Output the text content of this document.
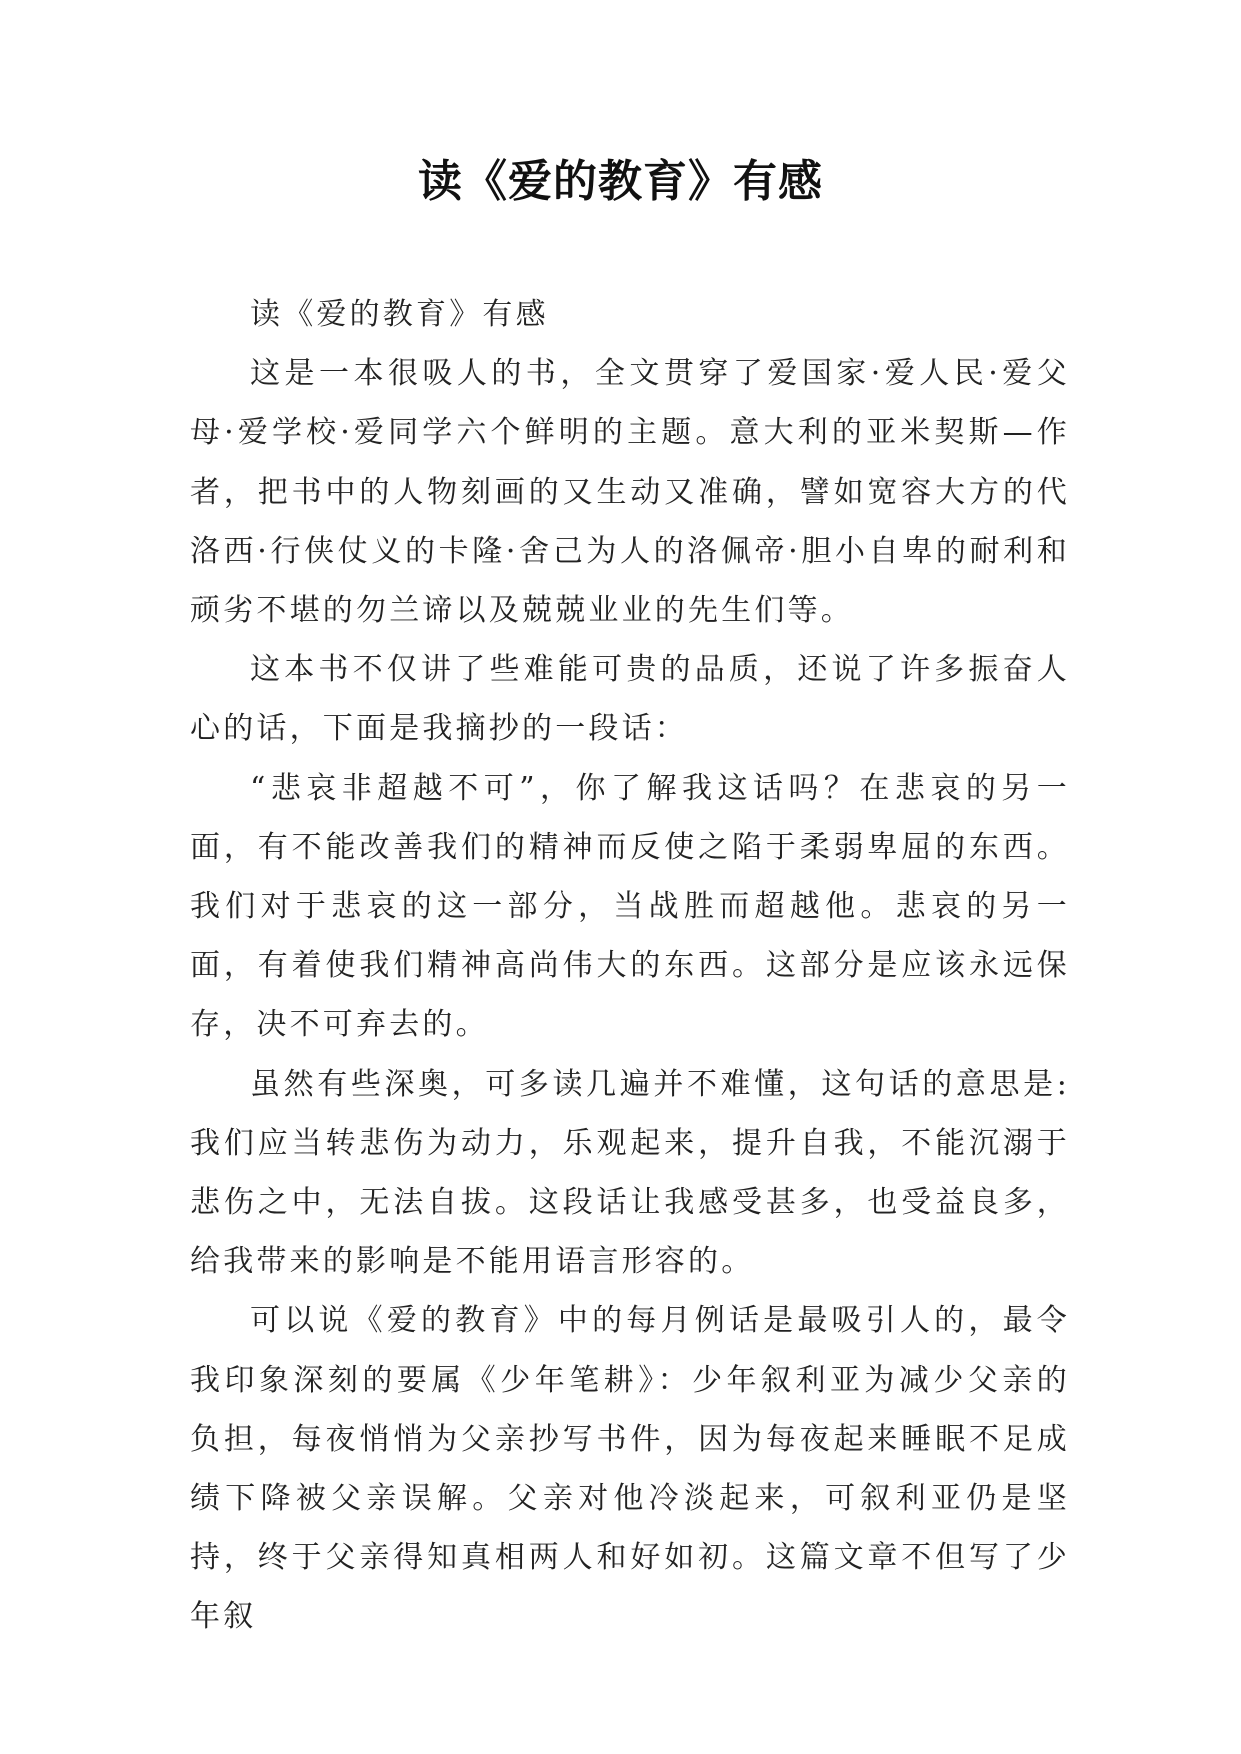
读《爱的教育》有感

读《爱的教育》有感

这是一本很吸人的书，全文贯穿了爱国家·爱人民·爱父母·爱学校·爱同学六个鲜明的主题。意大利的亚米契斯—作者，把书中的人物刻画的又生动又准确，譬如宽容大方的代洛西·行侠仗义的卡隆·舍己为人的洛佩帝·胆小自卑的耐利和顽劣不堪的勿兰谛以及兢兢业业的先生们等。

这本书不仅讲了些难能可贵的品质，还说了许多振奋人心的话，下面是我摘抄的一段话：

“悲哀非超越不可”，你了解我这话吗？在悲哀的另一面，有不能改善我们的精神而反使之陷于柔弱卑屈的东西。我们对于悲哀的这一部分，当战胜而超越他。悲哀的另一面，有着使我们精神高尚伟大的东西。这部分是应该永远保存，决不可弃去的。

虽然有些深奥，可多读几遍并不难懂，这句话的意思是:我们应当转悲伤为动力，乐观起来，提升自我，不能沉溺于悲伤之中，无法自拔。这段话让我感受甚多，也受益良多，给我带来的影响是不能用语言形容的。

可以说《爱的教育》中的每月例话是最吸引人的，最令我印象深刻的要属《少年笔耕》：少年叙利亚为减少父亲的负担，每夜悄悄为父亲抄写书件，因为每夜起来睡眠不足成绩下降被父亲误解。父亲对他冷淡起来，可叙利亚仍是坚持，终于父亲得知真相两人和好如初。这篇文章不但写了少年叙
